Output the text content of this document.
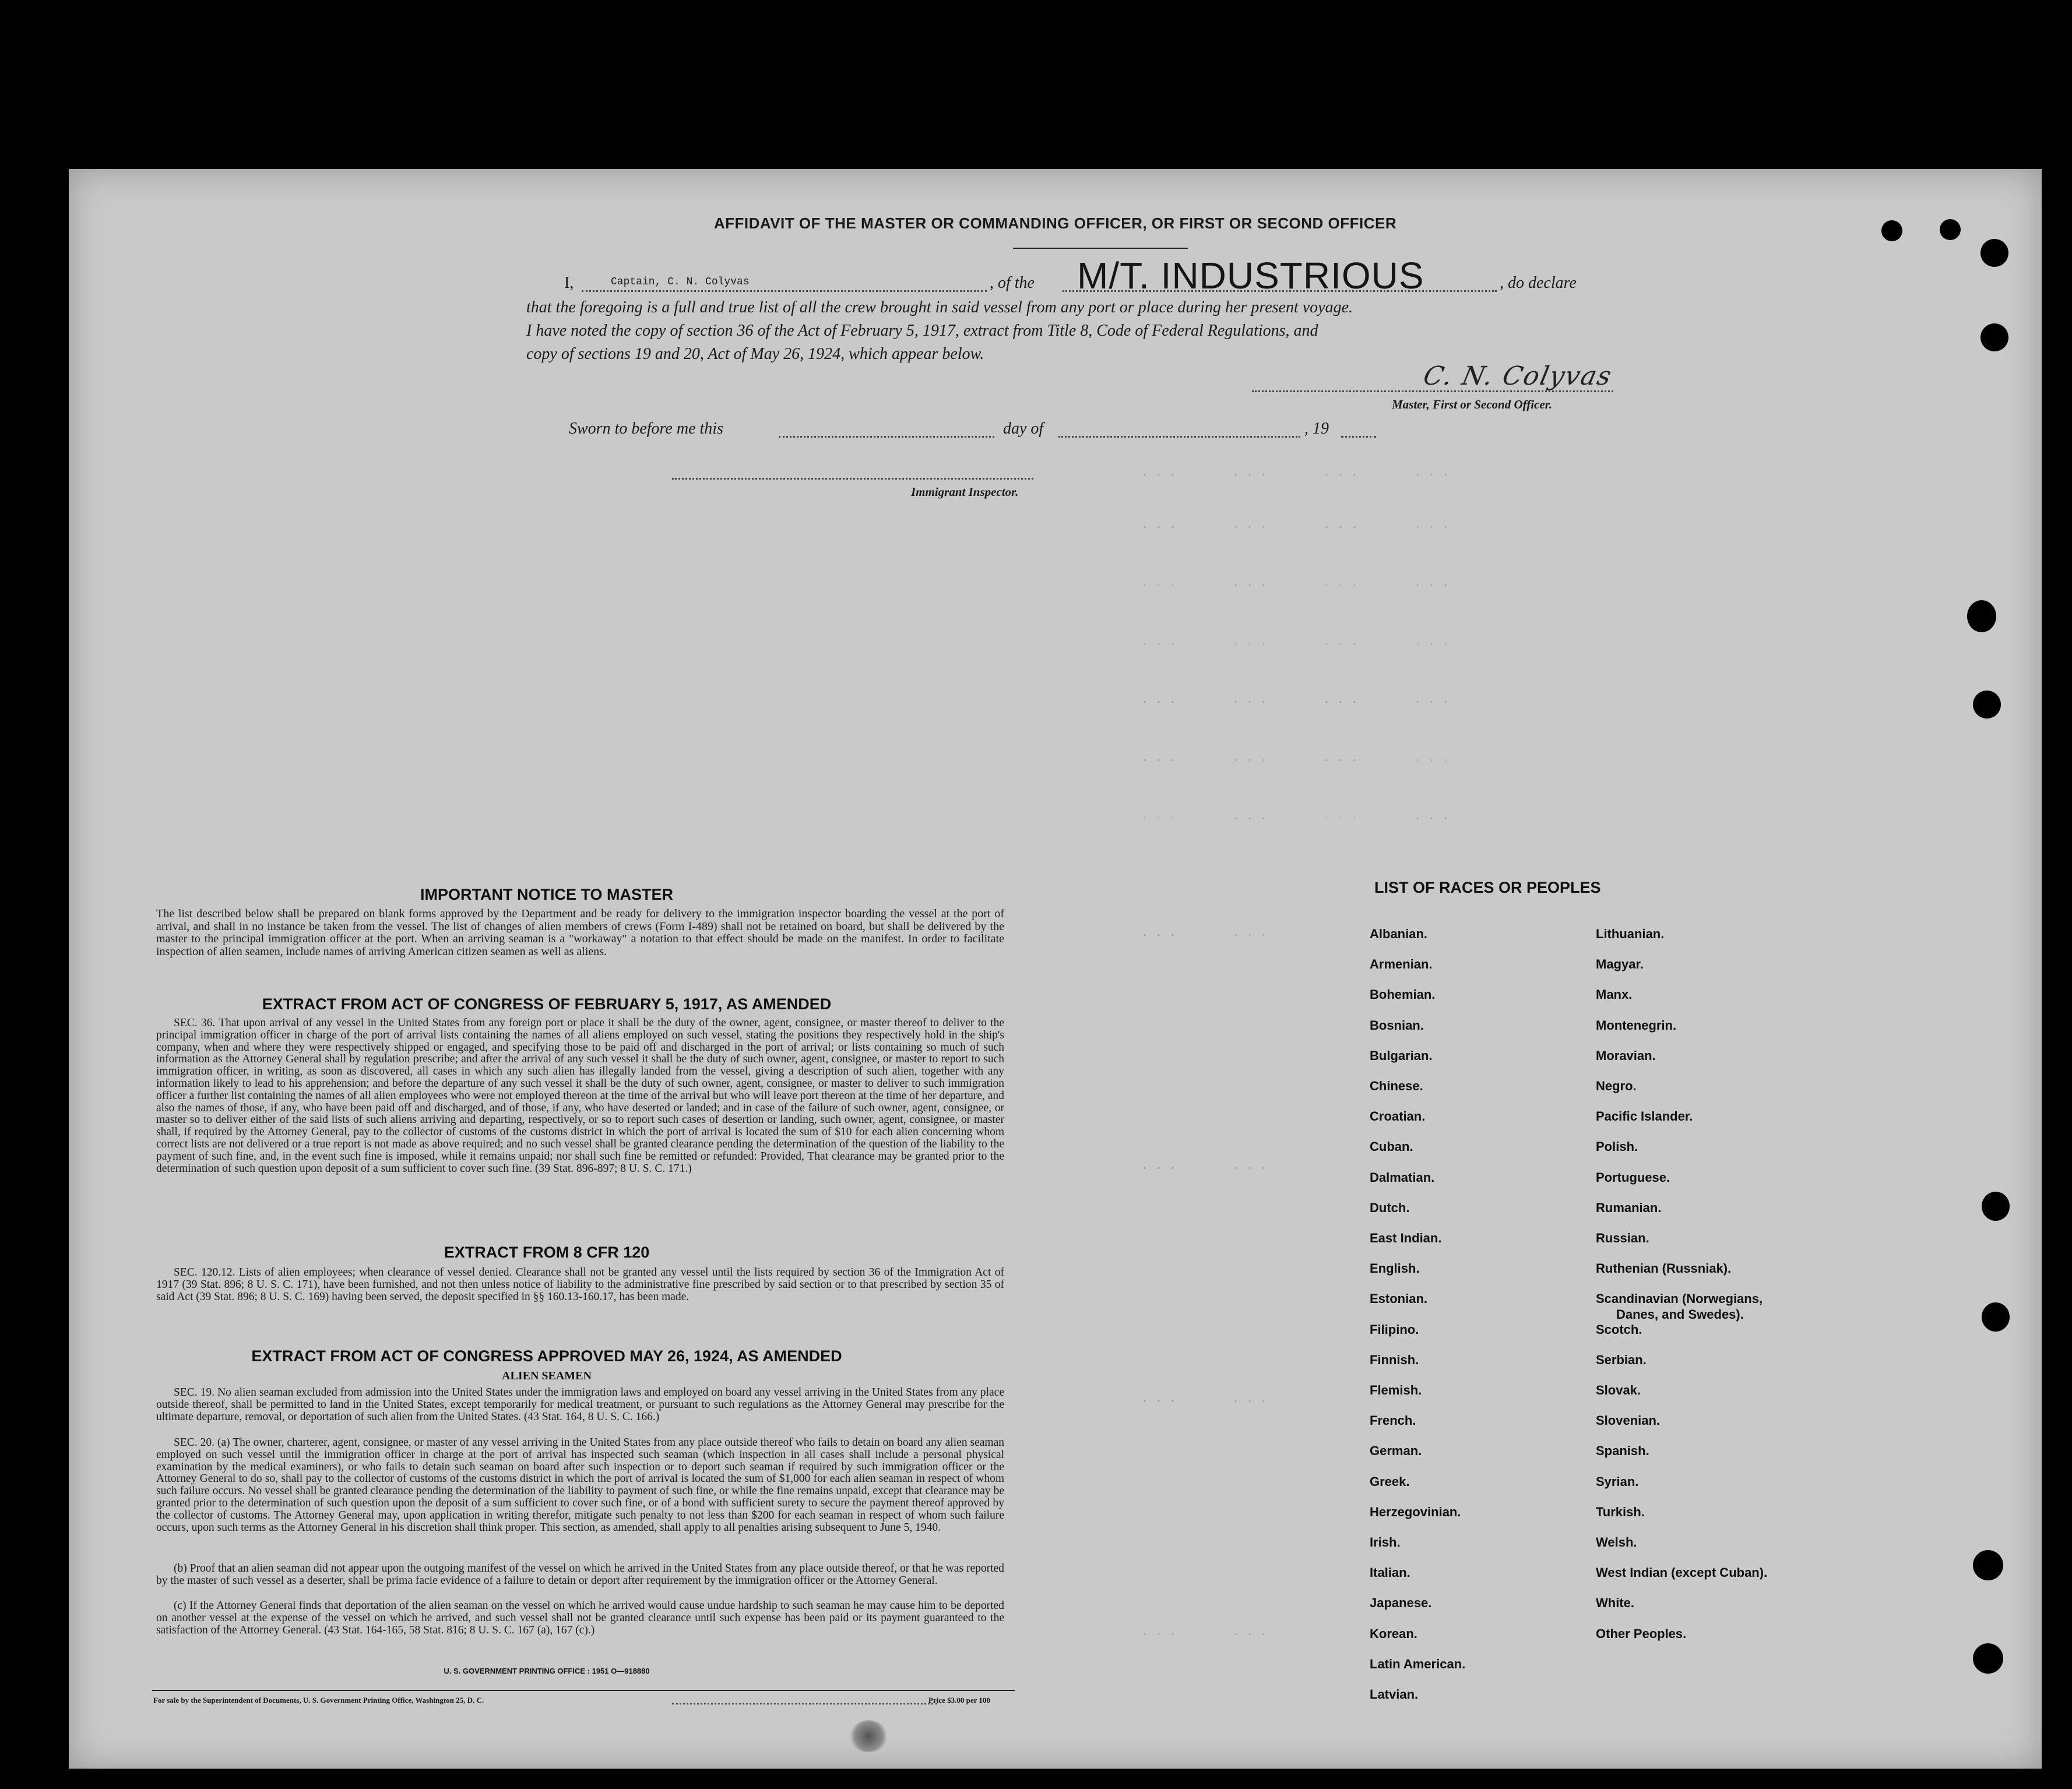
. . .        . . .        . . .        . . .
. . .        . . .        . . .        . . .
. . .        . . .        . . .        . . .
. . .        . . .        . . .        . . .
. . .        . . .        . . .        . . .
. . .        . . .        . . .        . . .
. . .        . . .        . . .        . . .
. . .        . . .
. . .        . . .
. . .        . . .
. . .        . . .
AFFIDAVIT OF THE MASTER OR COMMANDING OFFICER, OR FIRST OR SECOND OFFICER
I,	Captain, C. N. Colyvas	, of the M/T. INDUSTRIOUS	, do declare
that the foregoing is a full and true list of all the crew brought in said vessel from any port or place during her present voyage.
I have noted the copy of section 36 of the Act of February 5, 1917, extract from Title 8, Code of Federal Regulations, and
copy of sections 19 and 20, Act of May 26, 1924, which appear below.
C. N. Colyvas
Master, First or Second Officer.
Sworn to before me this	day of	, 19
Immigrant Inspector.
IMPORTANT NOTICE TO MASTER
The list described below shall be prepared on blank forms approved by the Department and be ready for delivery to the immigration inspector boarding the vessel at the port of arrival, and shall in no instance be taken from the vessel. The list of changes of alien members of crews (Form I-489) shall not be retained on board, but shall be delivered by the master to the principal immigration officer at the port. When an arriving seaman is a "workaway" a notation to that effect should be made on the manifest. In order to facilitate inspection of alien seamen, include names of arriving American citizen seamen as well as aliens.
EXTRACT FROM ACT OF CONGRESS OF FEBRUARY 5, 1917, AS AMENDED
SEC. 36. That upon arrival of any vessel in the United States from any foreign port or place it shall be the duty of the owner, agent, consignee, or master thereof to deliver to the principal immigration officer in charge of the port of arrival lists containing the names of all aliens employed on such vessel, stating the positions they respectively hold in the ship's company, when and where they were respectively shipped or engaged, and specifying those to be paid off and discharged in the port of arrival; or lists containing so much of such information as the Attorney General shall by regulation prescribe; and after the arrival of any such vessel it shall be the duty of such owner, agent, consignee, or master to report to such immigration officer, in writing, as soon as discovered, all cases in which any such alien has illegally landed from the vessel, giving a description of such alien, together with any information likely to lead to his apprehension; and before the departure of any such vessel it shall be the duty of such owner, agent, consignee, or master to deliver to such immigration officer a further list containing the names of all alien employees who were not employed thereon at the time of the arrival but who will leave port thereon at the time of her departure, and also the names of those, if any, who have been paid off and discharged, and of those, if any, who have deserted or landed; and in case of the failure of such owner, agent, consignee, or master so to deliver either of the said lists of such aliens arriving and departing, respectively, or so to report such cases of desertion or landing, such owner, agent, consignee, or master shall, if required by the Attorney General, pay to the collector of customs of the customs district in which the port of arrival is located the sum of $10 for each alien concerning whom correct lists are not delivered or a true report is not made as above required; and no such vessel shall be granted clearance pending the determination of the question of the liability to the payment of such fine, and, in the event such fine is imposed, while it remains unpaid; nor shall such fine be remitted or refunded: Provided, That clearance may be granted prior to the determination of such question upon deposit of a sum sufficient to cover such fine. (39 Stat. 896-897; 8 U. S. C. 171.)
EXTRACT FROM 8 CFR 120
SEC. 120.12. Lists of alien employees; when clearance of vessel denied. Clearance shall not be granted any vessel until the lists required by section 36 of the Immigration Act of 1917 (39 Stat. 896; 8 U. S. C. 171), have been furnished, and not then unless notice of liability to the administrative fine prescribed by said section or to that prescribed by section 35 of said Act (39 Stat. 896; 8 U. S. C. 169) having been served, the deposit specified in §§ 160.13-160.17, has been made.
EXTRACT FROM ACT OF CONGRESS APPROVED MAY 26, 1924, AS AMENDED
ALIEN SEAMEN
SEC. 19. No alien seaman excluded from admission into the United States under the immigration laws and employed on board any vessel arriving in the United States from any place outside thereof, shall be permitted to land in the United States, except temporarily for medical treatment, or pursuant to such regulations as the Attorney General may prescribe for the ultimate departure, removal, or deportation of such alien from the United States. (43 Stat. 164, 8 U. S. C. 166.)
SEC. 20. (a) The owner, charterer, agent, consignee, or master of any vessel arriving in the United States from any place outside thereof who fails to detain on board any alien seaman employed on such vessel until the immigration officer in charge at the port of arrival has inspected such seaman (which inspection in all cases shall include a personal physical examination by the medical examiners), or who fails to detain such seaman on board after such inspection or to deport such seaman if required by such immigration officer or the Attorney General to do so, shall pay to the collector of customs of the customs district in which the port of arrival is located the sum of $1,000 for each alien seaman in respect of whom such failure occurs. No vessel shall be granted clearance pending the determination of the liability to payment of such fine, or while the fine remains unpaid, except that clearance may be granted prior to the determination of such question upon the deposit of a sum sufficient to cover such fine, or of a bond with sufficient surety to secure the payment thereof approved by the collector of customs. The Attorney General may, upon application in writing therefor, mitigate such penalty to not less than $200 for each seaman in respect of whom such failure occurs, upon such terms as the Attorney General in his discretion shall think proper. This section, as amended, shall apply to all penalties arising subsequent to June 5, 1940.
(b) Proof that an alien seaman did not appear upon the outgoing manifest of the vessel on which he arrived in the United States from any place outside thereof, or that he was reported by the master of such vessel as a deserter, shall be prima facie evidence of a failure to detain or deport after requirement by the immigration officer or the Attorney General.
(c) If the Attorney General finds that deportation of the alien seaman on the vessel on which he arrived would cause undue hardship to such seaman he may cause him to be deported on another vessel at the expense of the vessel on which he arrived, and such vessel shall not be granted clearance until such expense has been paid or its payment guaranteed to the satisfaction of the Attorney General. (43 Stat. 164-165, 58 Stat. 816; 8 U. S. C. 167 (a), 167 (c).)
U. S. GOVERNMENT PRINTING OFFICE : 1951 O—918880
For sale by the Superintendent of Documents, U. S. Government Printing Office, Washington 25, D. C.	Price $3.00 per 100
LIST OF RACES OR PEOPLES
Albanian.
Armenian.
Bohemian.
Bosnian.
Bulgarian.
Chinese.
Croatian.
Cuban.
Dalmatian.
Dutch.
East Indian.
English.
Estonian.
Filipino.
Finnish.
Flemish.
French.
German.
Greek.
Herzegovinian.
Irish.
Italian.
Japanese.
Korean.
Latin American.
Latvian.
Lithuanian.
Magyar.
Manx.
Montenegrin.
Moravian.
Negro.
Pacific Islander.
Polish.
Portuguese.
Rumanian.
Russian.
Ruthenian (Russniak).
Scandinavian (Norwegians,
Danes, and Swedes).
Scotch.
Serbian.
Slovak.
Slovenian.
Spanish.
Syrian.
Turkish.
Welsh.
West Indian (except Cuban).
White.
Other Peoples.
